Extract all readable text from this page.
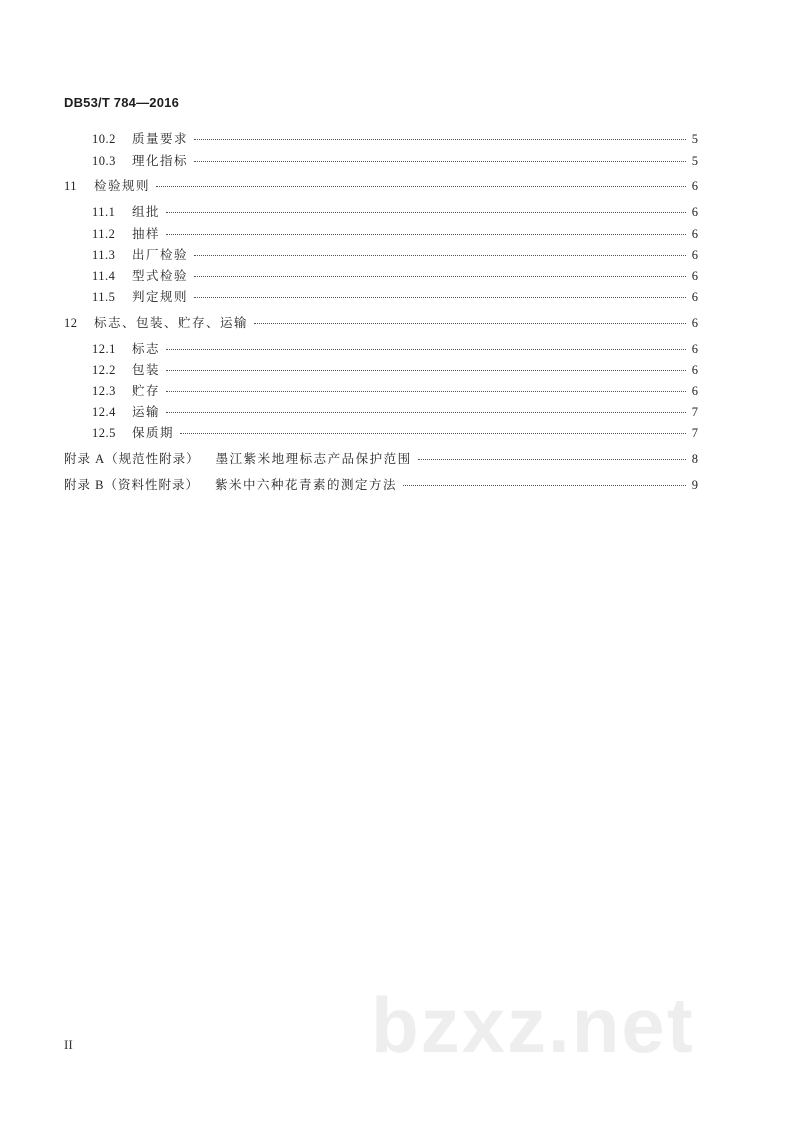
DB53/T 784—2016
10.2	质量要求	5
10.3	理化指标	5
11	检验规则	6
11.1	组批	6
11.2	抽样	6
11.3	出厂检验	6
11.4	型式检验	6
11.5	判定规则	6
12	标志、包装、贮存、运输	6
12.1	标志	6
12.2	包装	6
12.3	贮存	6
12.4	运输	7
12.5	保质期	7
附录 A（规范性附录） 墨江紫米地理标志产品保护范围	8
附录 B（资料性附录） 紫米中六种花青素的测定方法	9
bzxz.net
II
